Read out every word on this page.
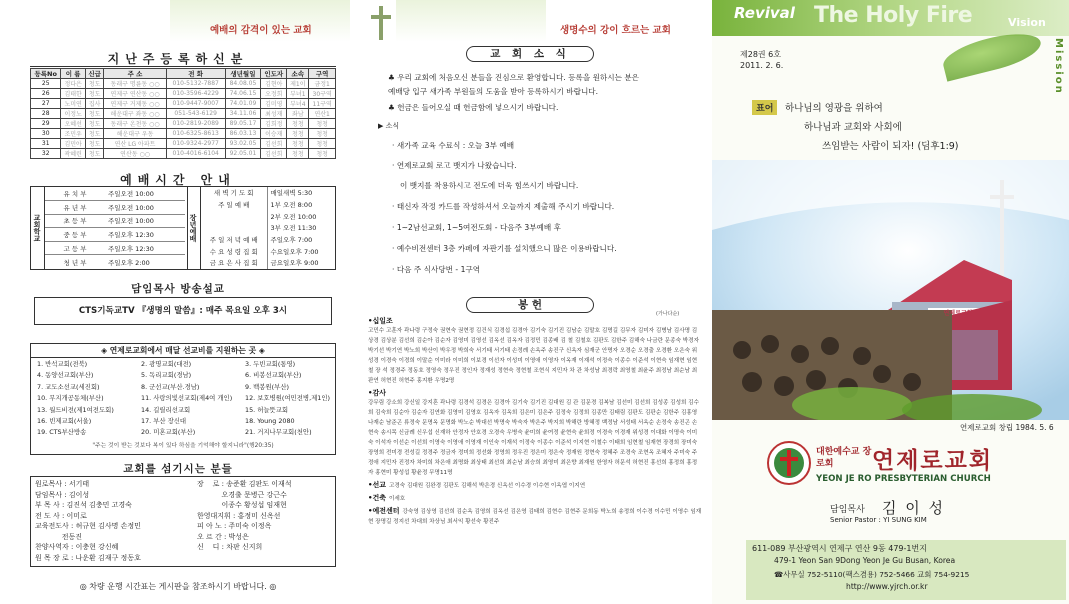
예배의 감격이 있는 교회
지난주등록하신분
등록No	이 름	신급	주 소	전 화	생년월일	인도자	소속	구역
25	정다은	청도	동래구 명륜동 ○○	010-5132-7887	84.08.05	김현아	제1이	금정1
26	김태한	청도	연제구 연산동 ○○	010-3596-4229	74.06.15	오정희	부녀1	30구역
27	노미연	집사	연제구 거제동 ○○	010-9447-9007	74.01.09	김미영	부녀4	11구역
28	이정노	청도	해운대구 좌동 ○○	051-543-6129	34.11.06	최성재	좌남	연산1
29	오혜선	청도	동래구 온천동 ○○	010-2819-2089	89.05.17	김희정	청청	청청
30	조민우	청도	해운대구 우동	010-6325-8613	86.03.13	이승재	청청	청청
31	김민아	청도	연산 LG 아파트	010-9324-2977	93.02.05	김선희	청청	청청
32	곽혜린	청도	연산동 ○○	010-4016-6104	92.05.01	김선희	청청	청청
예배시간 안내
교회학교
유 치 부	주일오전 10:00
유 년 부	주일오전 10:00
초 등 부	주일오전 10:00
중 등 부	주일오후 12:30
고 등 부	주일오후 12:30
청 년 부	주일오후 2:00
장년예배
새 벽 기 도 회	매일새벽 5:30
주 일 예 배	1부 오전 8:00
	2부 오전 10:00
	3부 오전 11:30
주 일 저 녁 예 배	주일오후 7:00
수 요 성 령 집 회	수요일오후 7:00
금 요 은 사 집 회	금요일오후 9:00
담임목사 방송설교
CTS기독교TV 『생명의 말씀』: 매주 목요일 오후 3시
◈ 연제로교회에서 매달 선교비를 지원하는 곳 ◈
1. 반석교회(전북)	2. 광명교회(대전)	3. 두빈교회(통영)
4. 동양선교회(부산)	5. 독리교회(경남)	6. 비봉선교회(부산)
7. 교도소선교(세진회)	8. 군선교(부산.경남)	9. 백봉원(부산)
10. 무지개공동체(부산)	11. 사랑의빛선교회(제4여 개인)	12. 보호병원(여민전병,제1인)
13. 월드비전(제1여전도회)	14. 길릴리선교회	15. 허늘뜻교회
16. 빈제교회(서울)	17. 부산 장신대	18. Young 2080
19. CTS부산방송	20. 미혼교회(부산)	21. 거지나무교회(천안)
"주는 것이 받는 것보다 복이 있다 하심을 기억해야 할지니라"(행20:35)
교회를 섬기시는 분들
원로목사 : 서기태
담임목사 : 김이성
부 목 사 : 김진석 김충민 고경숙
전 도 사 : 이미로
교육전도사 : 허규현 김사명 손정민
전동진
찬양사역자 : 이충현 강신혜
원 목 장 로 : 나운환 김재구 정동호
장    로 : 송준환 김판도 이재석
오경출 문병근 강근수
이종수 황성섭 임재현
한영대지휘 : 홍정미 신옥선
피 아 노 : 주미숙 이정옥
오 르 간 : 박성은
신    디 : 차판 신지희
◎ 차량 운행 시간표는 게시판을 참조하시기 바랍니다. ◎
생명수의 강이 흐르는 교회
교 회 소 식
♣ 우리 교회에 처음오신 분들을 진심으로 환영합니다. 등록을 원하시는 분은
예배당 입구 새가족 부원들의 도움을 받아 등록하시기 바랍니다.
♣ 헌금은 들어오실 때 헌금함에 넣으시기 바랍니다.
▶ 소식
· 새가족 교육 수료식 : 오늘 3부 예배
· 연제로교회 로고 뱃지가 나왔습니다.
이 뱃지를 착용하시고 전도에 더욱 힘쓰시기 바랍니다.
· 태신자 작정 카드를 작성하셔서 오늘까지 제출해 주시기 바랍니다.
· 1~2남선교회, 1~5여전도회 - 다음주 3부예배 후
· 예수비전센터 3층 카페에 자판기를 설치했으니 많은 이용바랍니다.
· 다음 주 식사당번 - 1구역
봉 헌
(가나다순)
•십일조
고민수 고훈자 곽나령 구정숙 권현숙 권현정 김건식 김경섭 김경아 김기숙 김기진 김남순 김말호 김명길 김무자 김미자 김병남 김사명 김상경 김상분 김선희 김순아 김순자 김영미 김영선 김옥선 김옥자 김정민 김종배 김 철 김철호 김판도 김한주 김해숙 나금란 문종숙 박경자 박기선 박기연 박노희 박산이 박우정 박희숙 서기태 서기태 손정례 손옥주 송진구 신옥자 심재군 안명자 오경순 오경출 오경환 오은숙 위성경 이경숙 이경희 이말순 이미라 이미희 이보경 이선자 이성미 이영애 이영자 이옥재 이재석 이정숙 이종수 이준석 이현숙 임재현 임현철 장 석 정경주 정동호 정영숙 정우진 정인자 정재성 정현숙 정현철 조현식 지민자 차 관 차성남 최경락 최영철 최윤주 최정남 최순남 최판연 허현진 허현주 홍지환 우명2명
•감사
강무림 강소희 강신일 강지혼 곽나령 김경석 김경은 김경아 김기숙 김기진 김대원 김 관 김문경 김복남 김선미 김선희 김성종 김성희 김수희 김숙희 김순아 김순자 김연화 김영미 김영호 김옥자 김옥희 김은미 김은주 김정숙 김정희 김종만 김태림 김판도 김판순 김한주 김홍영 나재순 남준곤 류정숙 문명옥 문명화 박노순 박대선 박명숙 박숙자 박은주 박지희 박해란 방혜정 백정남 서성태 서옥순 손정숙 송진곤 손현숙 송시목 신금례 신우섭 신재하 안정자 안호경 오경숙 우병숙 윤미희 윤여정 윤현숙 윤희정 이경숙 이경재 위성경 이대화 이명숙 이미숙 이석자 이선순 이선희 이영숙 이영애 이영재 이인숙 이재석 이정숙 이종수 이준석 이지현 이철수 이태희 임현철 임재현 장경희 장미숙 장영희 전미경 전성길 정경주 정금자 정미희 정선화 정영희 정우진 정은미 정은숙 정재원 정현숙 정혜주 조경숙 조현옥 조혜자 주미숙 주정애 지민자 진정자 차미희 차은애 최명화 최상태 최선희 최순남 최승희 최영미 최은향 최재원 한영자 허문석 허현진 홍선희 홍정희 홍정자 홍현미 황성섭 황윤정 무명11명
•선교 고경숙 김대원 김완경 김판도 김해석 박은경 신옥선 이수경 이수현 이옥엽 이지연
•건축 이세호
•예전센터 강숙영 김상영 김선희 김순옥 김영희 김옥선 김은영 김태희 김현수 김현주 문희동 박노희 송정희 이수경 이수민 이영수 임재현 장명길 정지선 차대희 차상님 최서익 황선숙 황진주
Revival The Holy Fire	Vision
Mission
제28권 6호
2011. 2. 6.
표어	하나님의 영광을 위하여
하나님과 교회와 사회에
쓰임받는 사람이 되자! (딤후1:9)
연제로교회
연제로교회 창립 1984. 5. 6
대한예수교 장로회	연제로교회
YEON JE RO PRESBYTERIAN CHURCH
담임목사 김 이 성
Senior Pastor : YI SUNG KIM
611-089 부산광역시 연제구 연산 9동 479-1번지
479-1 Yeon San 9Dong Yeon Je Gu Busan, Korea
☎사무실 752-5110(팩스겸용) 752-5466 교회 754-9215
http://www.yjrch.or.kr
